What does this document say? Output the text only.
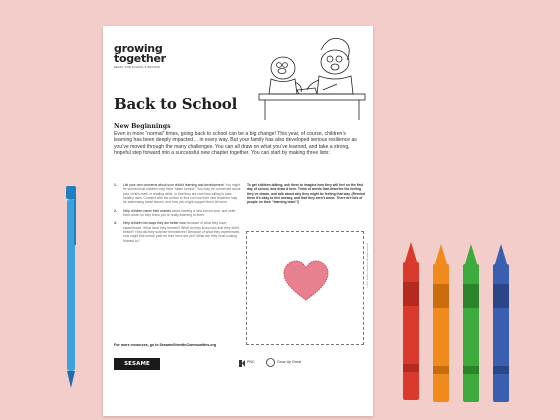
growing
together
READY FOR SCHOOL & BEYOND
Back to School
New Beginnings
Even in more “normal” times, going back to school can be a big change! This year, of course, children’s learning has been deeply impacted… in every way. But your family has also developed serious resilience as you’ve moved through the many challenges. You can all draw on what you’ve learned, and take a strong, hopeful step forward into a successful new chapter together. You can start by making three lists:
1. List your own concerns about your child’s learning and development. You might be worried that children may have “fallen behind.” You may be concerned about your child’s math or reading skills, or that they are now less willing to take healthy risks. Connect with the school to find out how their new teachers may be addressing these issues, and how you might support them at home.
2. Help children name their worries about starting a new school year, and write them down so they know you’re really listening to them.
3. Help children list ways they are better now because of what they have experienced. What have they learned? What do they know now that they didn’t before? How did they surprise themselves? Because of what they experienced, how might this school year be their best one yet? What are they most looking forward to?
To get children talking, ask them to imagine how they will feel on the first day of school, and draw it here. Think of words that describe the feeling they’ve drawn, and talk about why they might be feeling that way. (Remind them it’s okay to feel uneasy, and that they aren’t alone. There are lots of people on their “learning team”!)
© 2021 Sesame Workshop. All rights reserved.
For more resources, go to SesameStreetInCommunities.org
SESAME STREET
PNC	Grow Up Great
